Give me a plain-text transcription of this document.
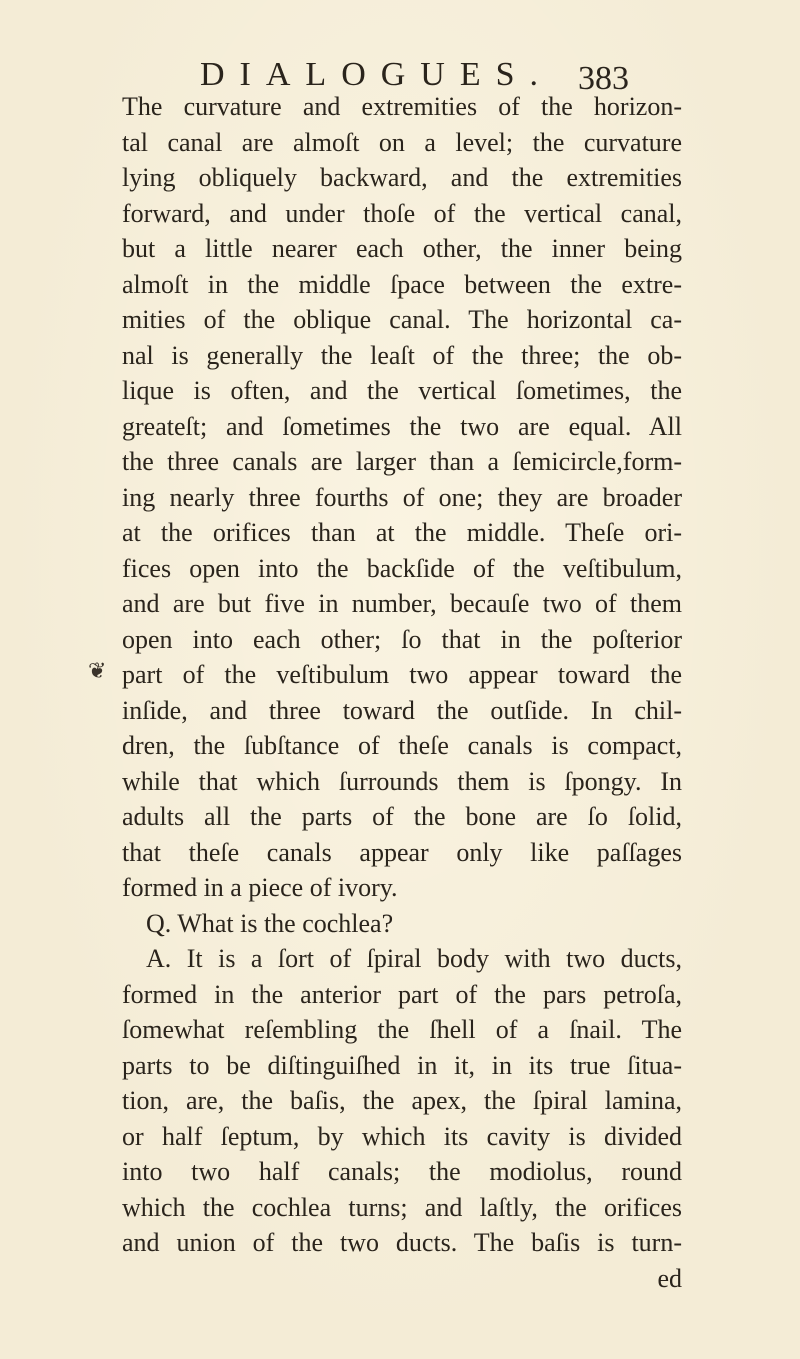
DIALOGUES. 383
❦
The curvature and extremities of the horizon-
tal canal are almoſt on a level; the curvature
lying obliquely backward, and the extremities
forward, and under thoſe of the vertical canal,
but a little nearer each other, the inner being
almoſt in the middle ſpace between the extre-
mities of the oblique canal. The horizontal ca-
nal is generally the leaſt of the three; the ob-
lique is often, and the vertical ſometimes, the
greateſt; and ſometimes the two are equal. All
the three canals are larger than a ſemicircle,form-
ing nearly three fourths of one; they are broader
at the orifices than at the middle. Theſe ori-
fices open into the backſide of the veſtibulum,
and are but five in number, becauſe two of them
open into each other; ſo that in the poſterior
part of the veſtibulum two appear toward the
inſide, and three toward the outſide. In chil-
dren, the ſubſtance of theſe canals is compact,
while that which ſurrounds them is ſpongy. In
adults all the parts of the bone are ſo ſolid,
that theſe canals appear only like paſſages
formed in a piece of ivory.
Q. What is the cochlea?
A. It is a ſort of ſpiral body with two ducts,
formed in the anterior part of the pars petroſa,
ſomewhat reſembling the ſhell of a ſnail. The
parts to be diſtinguiſhed in it, in its true ſitua-
tion, are, the baſis, the apex, the ſpiral lamina,
or half ſeptum, by which its cavity is divided
into two half canals; the modiolus, round
which the cochlea turns; and laſtly, the orifices
and union of the two ducts. The baſis is turn-
ed
